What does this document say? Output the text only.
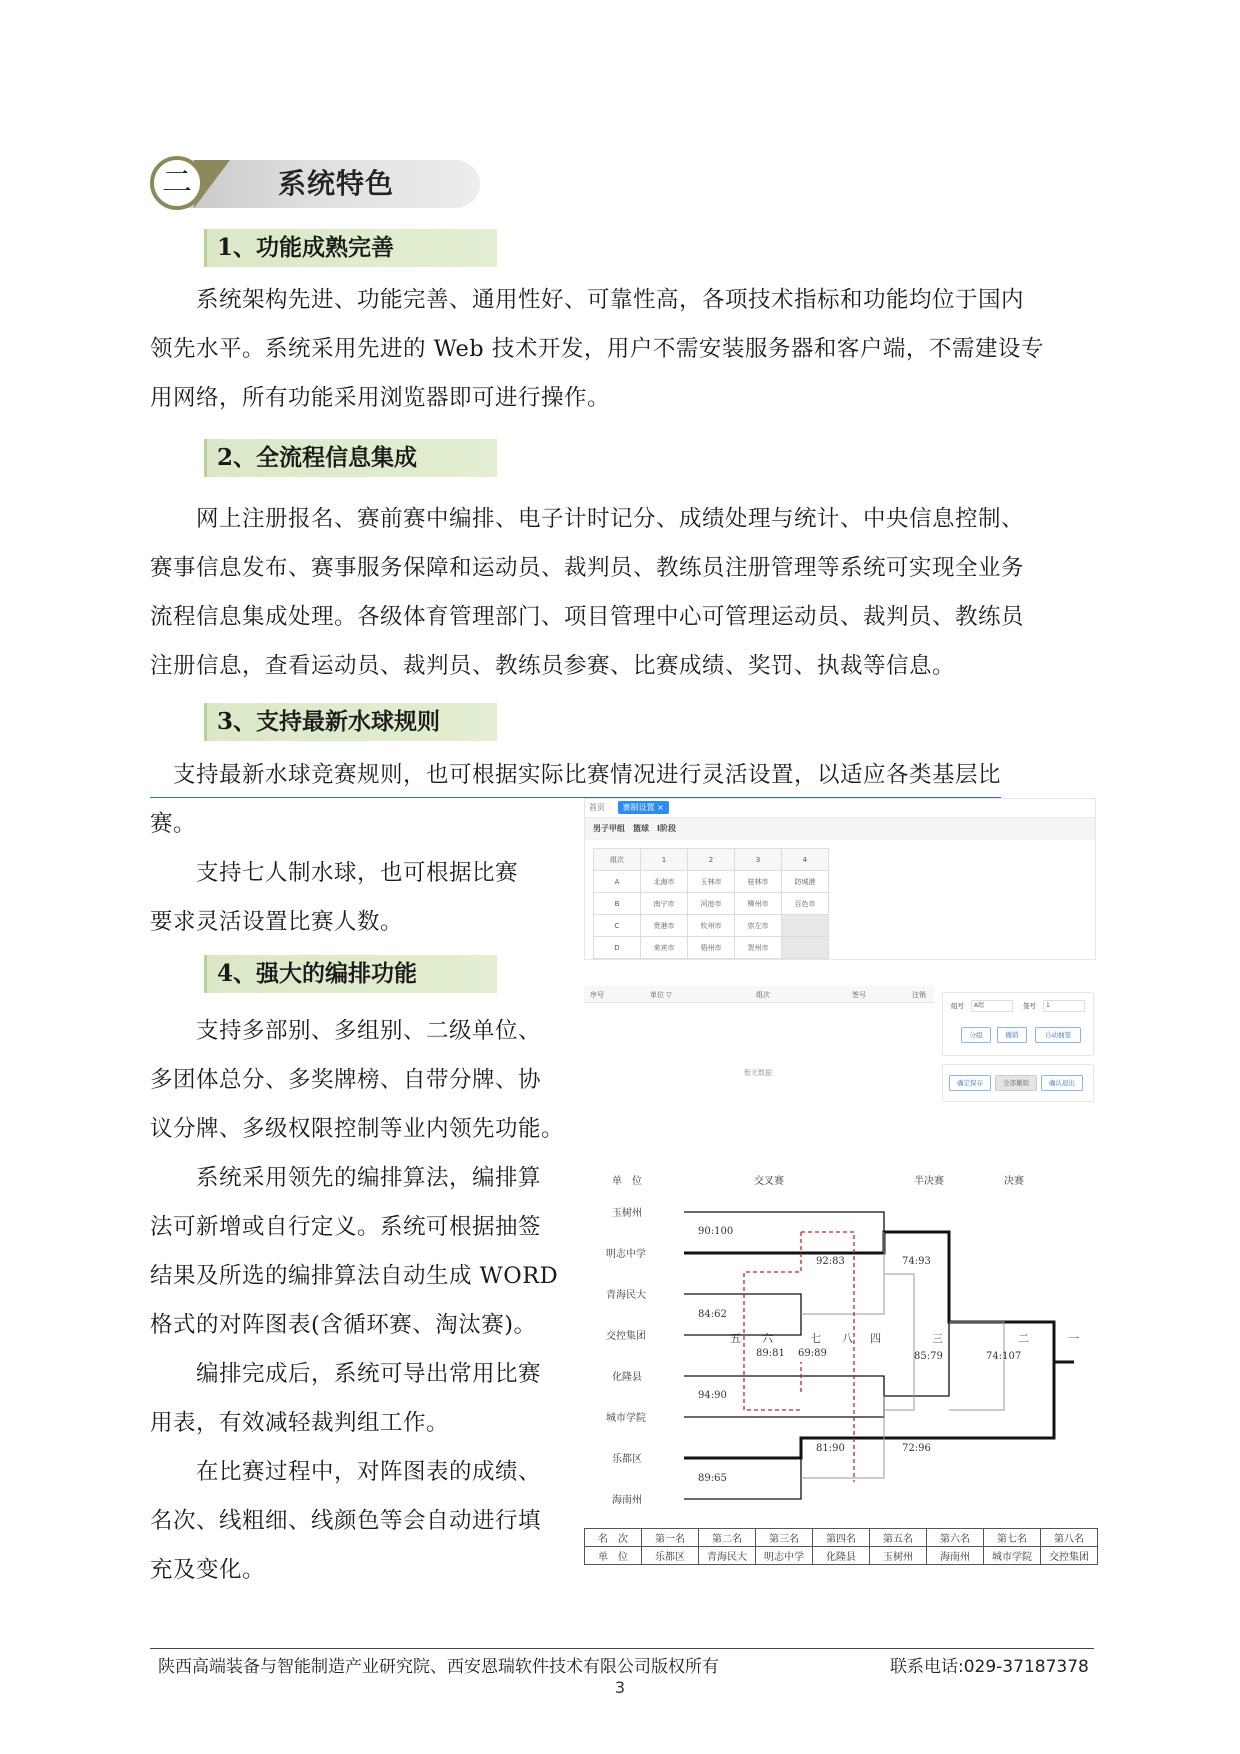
二	系统特色
1、功能成熟完善

　　系统架构先进、功能完善、通用性好、可靠性高，各项技术指标和功能均位于国内

领先水平。系统采用先进的 Web 技术开发，用户不需安装服务器和客户端，不需建设专

用网络，所有功能采用浏览器即可进行操作。

2、全流程信息集成

　　网上注册报名、赛前赛中编排、电子计时记分、成绩处理与统计、中央信息控制、

赛事信息发布、赛事服务保障和运动员、裁判员、教练员注册管理等系统可实现全业务

流程信息集成处理。各级体育管理部门、项目管理中心可管理运动员、裁判员、教练员

注册信息，查看运动员、裁判员、教练员参赛、比赛成绩、奖罚、执裁等信息。

3、支持最新水球规则

　支持最新水球竞赛规则，也可根据实际比赛情况进行灵活设置，以适应各类基层比

赛。

　　支持七人制水球，也可根据比赛

要求灵活设置比赛人数。

4、强大的编排功能

　　支持多部别、多组别、二级单位、

多团体总分、多奖牌榜、自带分牌、协

议分牌、多级权限控制等业内领先功能。

　　系统采用领先的编排算法，编排算

法可新增或自行定义。系统可根据抽签

结果及所选的编排算法自动生成 WORD

格式的对阵图表(含循环赛、淘汰赛)。

　　编排完成后，系统可导出常用比赛

用表，有效减轻裁判组工作。

　　在比赛过程中，对阵图表的成绩、

名次、线粗细、线颜色等会自动进行填

充及变化。

首页 赛制设置 ×
男子甲组　篮球　Ⅰ阶段
组次	1	2	3	4
A	北海市	玉林市	桂林市	防城港
B	南宁市	河池市	柳州市	百色市
C	贵港市	钦州市	崇左市	
D	来宾市	梧州市	贺州市	
序号	单位 ▽	组次	签号	注销
暂无数据
组号	A组	签号	1
分组	撤销	自动抽签
确定保存	全部撤销	确认退出
单　位	交叉赛	半决赛	决赛
玉树州
明志中学
青海民大
交控集团
化隆县
城市学院
乐都区
海南州
90:100
84:62
94:90
89:65
92:83
81:90
89:81 69:89
74:93
72:96
85:79	74:107
五 六	七 八 四	三	二	一
名　次	第一名	第二名	第三名	第四名	第五名	第六名	第七名	第八名
单　位	乐都区	青海民大	明志中学	化隆县	玉树州	海南州	城市学院	交控集团
陕西高端装备与智能制造产业研究院、西安恩瑞软件技术有限公司版权所有	联系电话:029-37187378
3
